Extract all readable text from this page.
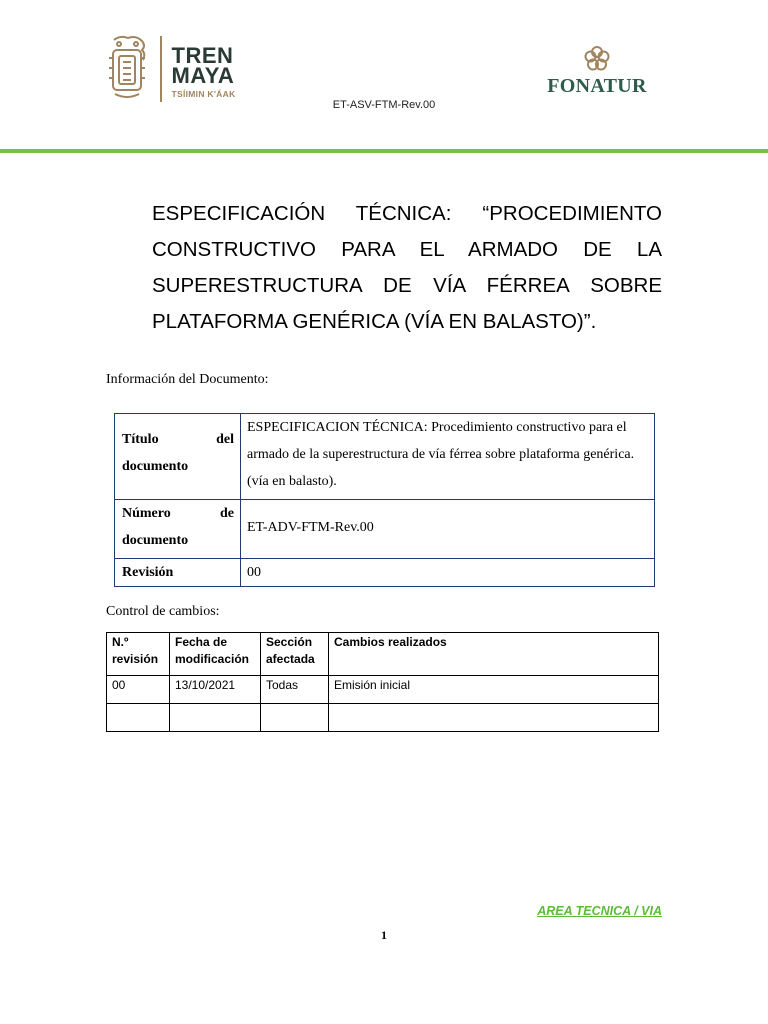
TREN
MAYA
TSÍIMIN K'ÁAK
ET-ASV-FTM-Rev.00
FONATUR
ESPECIFICACIÓN TÉCNICA: “PROCEDIMIENTO CONSTRUCTIVO PARA EL ARMADO DE LA SUPERESTRUCTURA DE VÍA FÉRREA SOBRE PLATAFORMA GENÉRICA (VÍA EN BALASTO)”.
Información del Documento:
Título del
documento	ESPECIFICACION TÉCNICA: Procedimiento constructivo para el armado de la superestructura de vía férrea sobre plataforma genérica. (vía en balasto).

Número de
documento	ET-ADV-FTM-Rev.00
Revisión	00
Control de cambios:
N.º revisión	Fecha de modificación	Sección afectada	Cambios realizados
00	13/10/2021	Todas	Emisión inicial

AREA TECNICA / VIA
1
